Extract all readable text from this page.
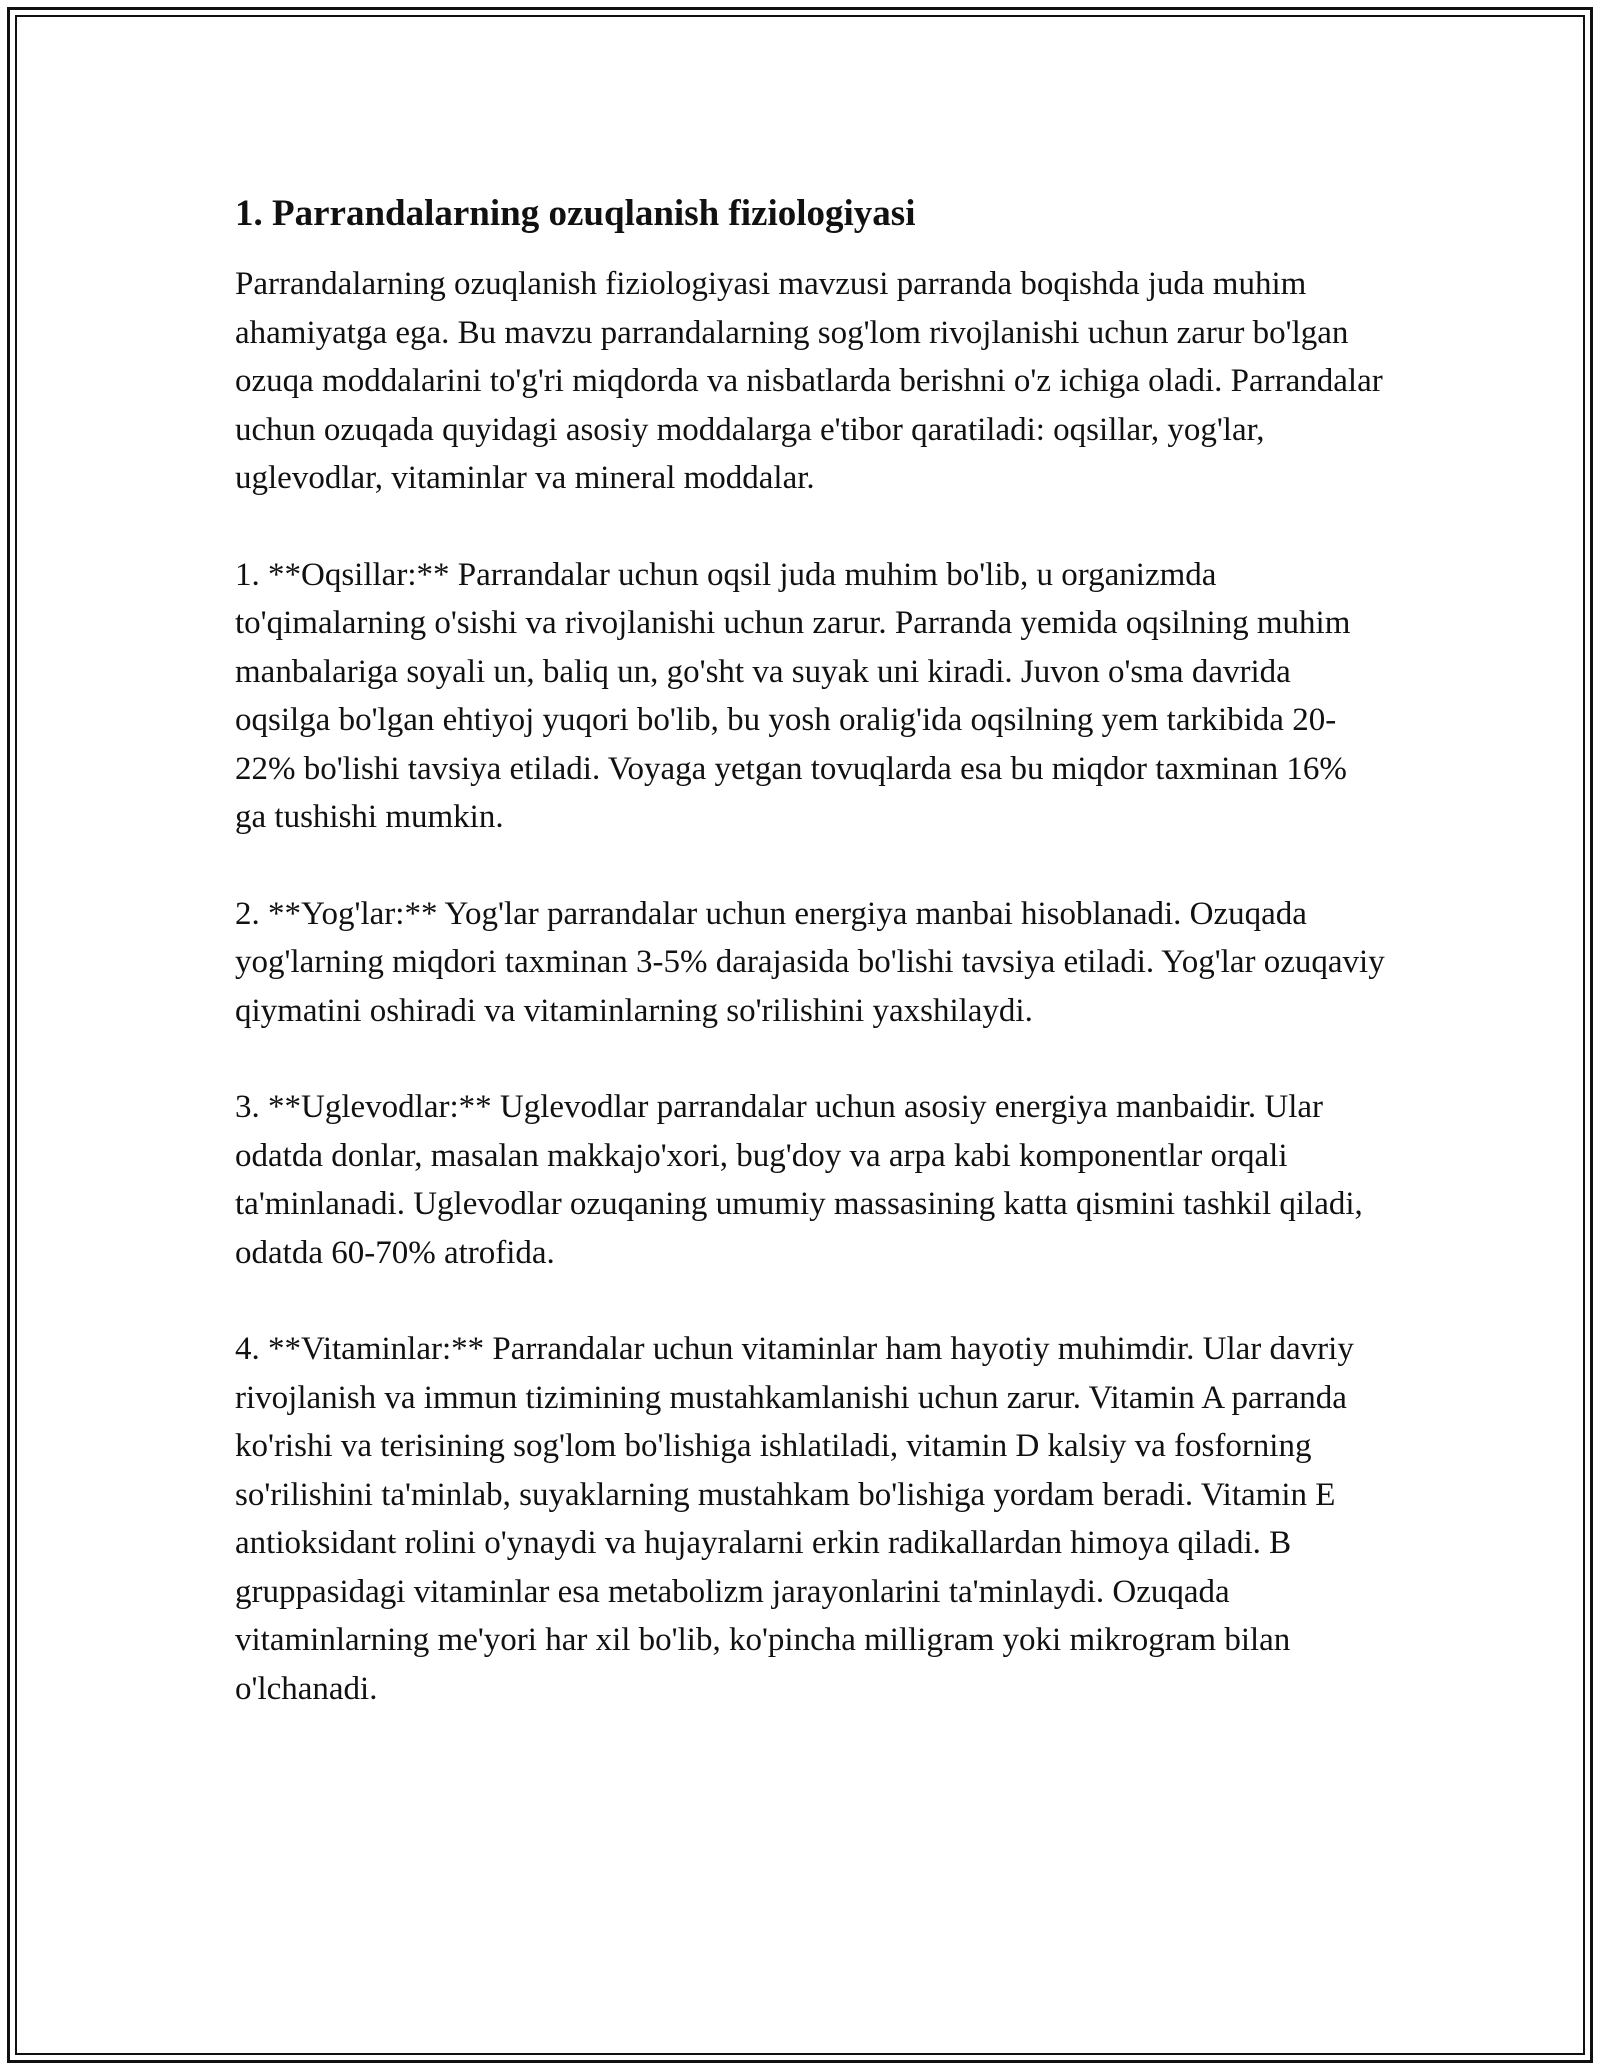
1. Parrandalarning ozuqlanish fiziologiyasi

Parrandalarning ozuqlanish fiziologiyasi mavzusi parranda boqishda juda muhim ahamiyatga ega. Bu mavzu parrandalarning sog'lom rivojlanishi uchun zarur bo'lgan ozuqa moddalarini to'g'ri miqdorda va nisbatlarda berishni o'z ichiga oladi. Parrandalar uchun ozuqada quyidagi asosiy moddalarga e'tibor qaratiladi: oqsillar, yog'lar, uglevodlar, vitaminlar va mineral moddalar.

1. **Oqsillar:** Parrandalar uchun oqsil juda muhim bo'lib, u organizmda to'qimalarning o'sishi va rivojlanishi uchun zarur. Parranda yemida oqsilning muhim manbalariga soyali un, baliq un, go'sht va suyak uni kiradi. Juvon o'sma davrida oqsilga bo'lgan ehtiyoj yuqori bo'lib, bu yosh oralig'ida oqsilning yem tarkibida 20-22% bo'lishi tavsiya etiladi. Voyaga yetgan tovuqlarda esa bu miqdor taxminan 16% ga tushishi mumkin.

2. **Yog'lar:** Yog'lar parrandalar uchun energiya manbai hisoblanadi. Ozuqada yog'larning miqdori taxminan 3-5% darajasida bo'lishi tavsiya etiladi. Yog'lar ozuqaviy qiymatini oshiradi va vitaminlarning so'rilishini yaxshilaydi.

3. **Uglevodlar:** Uglevodlar parrandalar uchun asosiy energiya manbaidir. Ular odatda donlar, masalan makkajo'xori, bug'doy va arpa kabi komponentlar orqali ta'minlanadi. Uglevodlar ozuqaning umumiy massasining katta qismini tashkil qiladi, odatda 60-70% atrofida.

4. **Vitaminlar:** Parrandalar uchun vitaminlar ham hayotiy muhimdir. Ular davriy rivojlanish va immun tizimining mustahkamlanishi uchun zarur. Vitamin A parranda ko'rishi va terisining sog'lom bo'lishiga ishlatiladi, vitamin D kalsiy va fosforning so'rilishini ta'minlab, suyaklarning mustahkam bo'lishiga yordam beradi. Vitamin E antioksidant rolini o'ynaydi va hujayralarni erkin radikallardan himoya qiladi. B gruppasidagi vitaminlar esa metabolizm jarayonlarini ta'minlaydi. Ozuqada vitaminlarning me'yori har xil bo'lib, ko'pincha milligram yoki mikrogram bilan o'lchanadi.
